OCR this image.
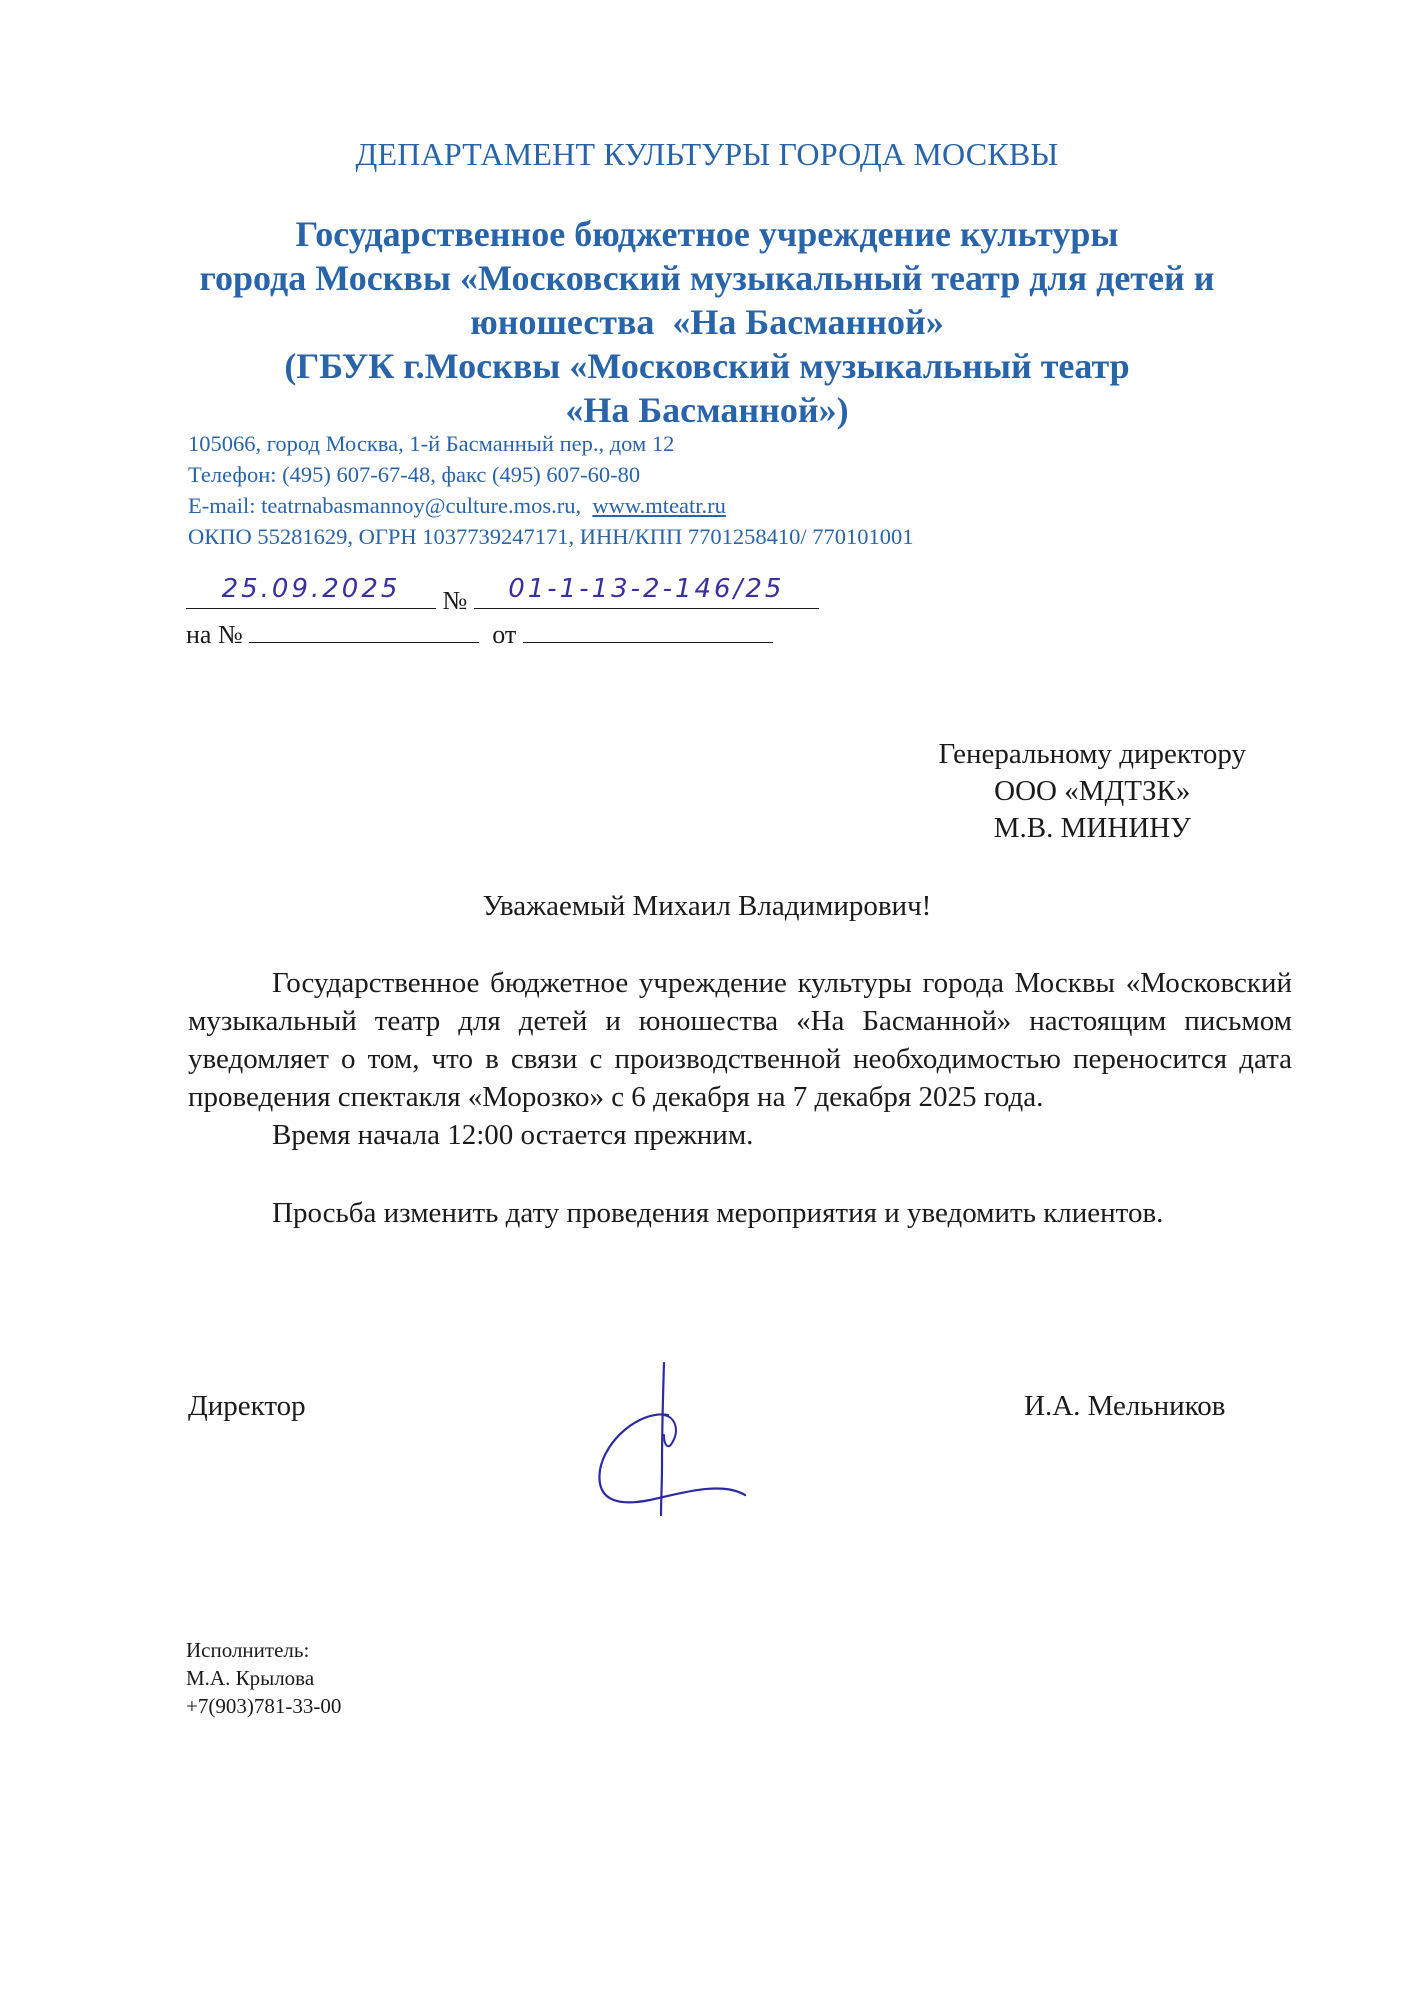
ДЕПАРТАМЕНТ КУЛЬТУРЫ ГОРОДА МОСКВЫ
Государственное бюджетное учреждение культуры
города Москвы «Московский музыкальный театр для детей и
юношества  «На Басманной»
(ГБУК г.Москвы «Московский музыкальный театр
«На Басманной»)
105066, город Москва, 1-й Басманный пер., дом 12
Телефон: (495) 607-67-48, факс (495) 607-60-80
E-mail: teatrnabasmannoy@culture.mos.ru, www.mteatr.ru
ОКПО 55281629, ОГРН 1037739247171, ИНН/КПП 7701258410/ 770101001
25.09.2025	№	01-1-13-2-146/25
на №	от
Генеральному директору
ООО «МДТЗК»
М.В. МИНИНУ
Уважаемый Михаил Владимирович!

Государственное бюджетное учреждение культуры города Москвы «Московский музыкальный театр для детей и юношества «На Басманной» настоящим письмом уведомляет о том, что в связи с производственной необходимостью переносится дата проведения спектакля «Морозко» с 6 декабря на 7 декабря 2025 года.

Время начала 12:00 остается прежним.

Просьба изменить дату проведения мероприятия и уведомить клиентов.

Директор	И.А. Мельников
Исполнитель:
М.А. Крылова
+7(903)781-33-00
